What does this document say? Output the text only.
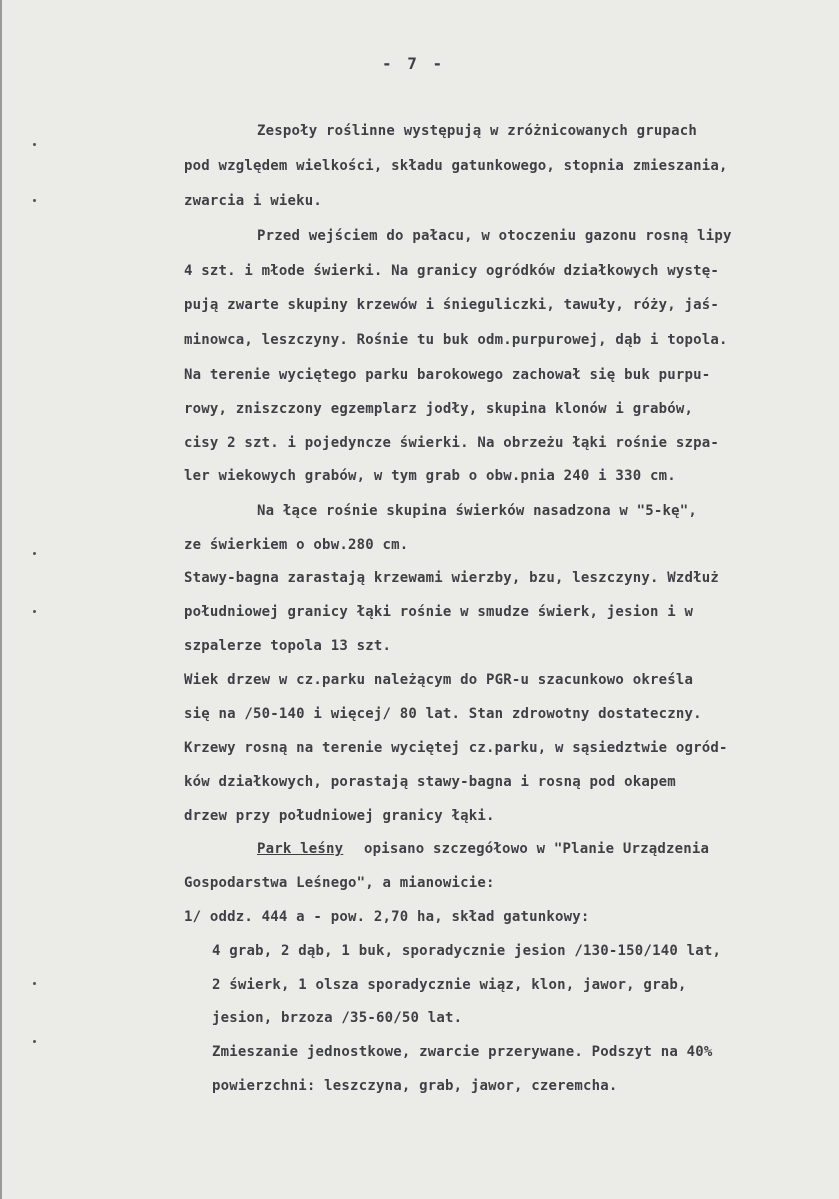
- 7 -
Zespoły roślinne występują w zróżnicowanych grupach
pod względem wielkości, składu gatunkowego, stopnia zmieszania,
zwarcia i wieku.
Przed wejściem do pałacu, w otoczeniu gazonu rosną lipy
4 szt. i młode świerki. Na granicy ogródków działkowych wystę-
pują zwarte skupiny krzewów i śnieguliczki, tawuły, róży, jaś-
minowca, leszczyny. Rośnie tu buk odm.purpurowej, dąb i topola.
Na terenie wyciętego parku barokowego zachował się buk purpu-
rowy, zniszczony egzemplarz jodły, skupina klonów i grabów,
cisy 2 szt. i pojedyncze świerki. Na obrzeżu łąki rośnie szpa-
ler wiekowych grabów, w tym grab o obw.pnia 240 i 330 cm.
Na łące rośnie skupina świerków nasadzona w "5-kę",
ze świerkiem o obw.280 cm.
Stawy-bagna zarastają krzewami wierzby, bzu, leszczyny. Wzdłuż
południowej granicy łąki rośnie w smudze świerk, jesion i w
szpalerze topola 13 szt.
Wiek drzew w cz.parku należącym do PGR-u szacunkowo określa
się na /50-140 i więcej/ 80 lat. Stan zdrowotny dostateczny.
Krzewy rosną na terenie wyciętej cz.parku, w sąsiedztwie ogród-
ków działkowych, porastają stawy-bagna i rosną pod okapem
drzew przy południowej granicy łąki.
Park leśny opisano szczegółowo w "Planie Urządzenia
Gospodarstwa Leśnego", a mianowicie:
1/ oddz. 444 a - pow. 2,70 ha, skład gatunkowy:
4 grab, 2 dąb, 1 buk, sporadycznie jesion /130-150/140 lat,
2 świerk, 1 olsza sporadycznie wiąz, klon, jawor, grab,
jesion, brzoza /35-60/50 lat.
Zmieszanie jednostkowe, zwarcie przerywane. Podszyt na 40%
powierzchni: leszczyna, grab, jawor, czeremcha.
